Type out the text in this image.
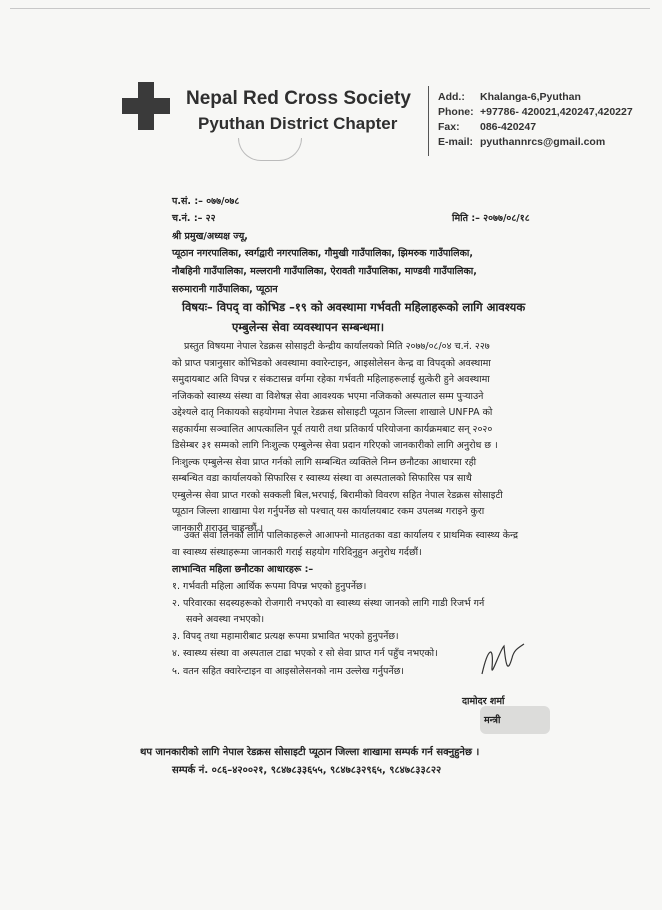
Nepal Red Cross Society
Pyuthan District Chapter
Add.: Khalanga-6,Pyuthan
Phone: +97786- 420021,420247,420227
Fax: 086-420247
E-mail: pyuthannrcs@gmail.com
प.सं. :– ०७७/०७८
च.नं. :– २२	मिति :– २०७७/०८/१८
श्री प्रमुख/अध्यक्ष ज्यू,
प्यूठान नगरपालिका, स्वर्गद्वारी नगरपालिका, गौमुखी गाउँपालिका, झिमरुक गाउँपालिका,
नौबहिनी गाउँपालिका, मल्लरानी गाउँपालिका, ऐरावती गाउँपालिका, माण्डवी गाउँपालिका,
सरुमारानी गाउँपालिका, प्यूठान
विषयः– विपद् वा कोभिड –१९ को अवस्थामा गर्भवती महिलाहरूको लागि आवश्यक
एम्बुलेन्स सेवा व्यवस्थापन सम्बन्धमा।
प्रस्तुत विषयमा नेपाल रेडक्रस सोसाइटी केन्द्रीय कार्यालयको मिति २०७७/०८/०४ च.नं. २२७
को प्राप्त पत्रानुसार कोभिडको अवस्थामा क्वारेन्टाइन, आइसोलेसन केन्द्र वा विपद्को अवस्थामा
समुदायबाट अति विपन्न र संकटासन्न वर्गमा रहेका गर्भवती महिलाहरूलाई सुत्केरी हुने अवस्थामा
नजिकको स्वास्थ्य संस्था वा विशेषज्ञ सेवा आवश्यक भएमा नजिकको अस्पताल सम्म पुर्‍याउने
उद्देश्यले दातृ निकायको सहयोगमा नेपाल रेडक्रस सोसाइटी प्यूठान जिल्ला शाखाले UNFPA को
सहकार्यमा सञ्चालित आपत्कालिन पूर्व तयारी तथा प्रतिकार्य परियोजना कार्यक्रमबाट सन् २०२०
डिसेम्बर ३१ सम्मको लागि निःशुल्क एम्बुलेन्स सेवा प्रदान गरिएको जानकारीको लागि अनुरोध छ ।
निःशुल्क एम्बुलेन्स सेवा प्राप्त गर्नको लागि सम्बन्धित व्यक्तिले निम्न छनौटका आधारमा रही
सम्बन्धित वडा कार्यालयको सिफारिस र स्वास्थ्य संस्था वा अस्पतालको सिफारिस पत्र साथै
एम्बुलेन्स सेवा प्राप्त गरको सक्कली बिल,भरपाई, बिरामीको विवरण सहित नेपाल रेडक्रस सोसाइटी
प्यूठान जिल्ला शाखामा पेश गर्नुपर्नेछ सो पश्चात् यस कार्यालयबाट रकम उपलब्ध गराइने कुरा
जानकारी गराउन चाहन्छौं ।
उक्त सेवा लिनको लागि पालिकाहरूले आआफ्नो मातहतका वडा कार्यालय र प्राथमिक स्वास्थ्य केन्द्र
वा स्वास्थ्य संस्थाहरूमा जानकारी गराई सहयोग गरिदिनुहुन अनुरोध गर्दछौं।
लाभान्वित महिला छनौटका आधारहरू :–
१. गर्भवती महिला आर्थिक रूपमा विपन्न भएको हुनुपर्नेछ।
२. परिवारका सदस्यहरूको रोजगारी नभएको वा स्वास्थ्य संस्था जानको लागि गाडी रिजर्भ गर्न
सक्ने अवस्था नभएको।
३. विपद् तथा महामारीबाट प्रत्यक्ष रूपमा प्रभावित भएको हुनुपर्नेछ।
४. स्वास्थ्य संस्था वा अस्पताल टाढा भएको र सो सेवा प्राप्त गर्न पहुँच नभएको।
५. वतन सहित क्वारेन्टाइन वा आइसोलेसनको नाम उल्लेख गर्नुपर्नेछ।
दामोदर शर्मा
मन्त्री
थप जानकारीको लागि नेपाल रेडक्रस सोसाइटी प्यूठान जिल्ला शाखामा सम्पर्क गर्न सक्नुहुनेछ ।
सम्पर्क नं. ०८६–४२००२१, ९८४७८३३६५५, ९८४७८३२९६५, ९८४७८३३८२२
